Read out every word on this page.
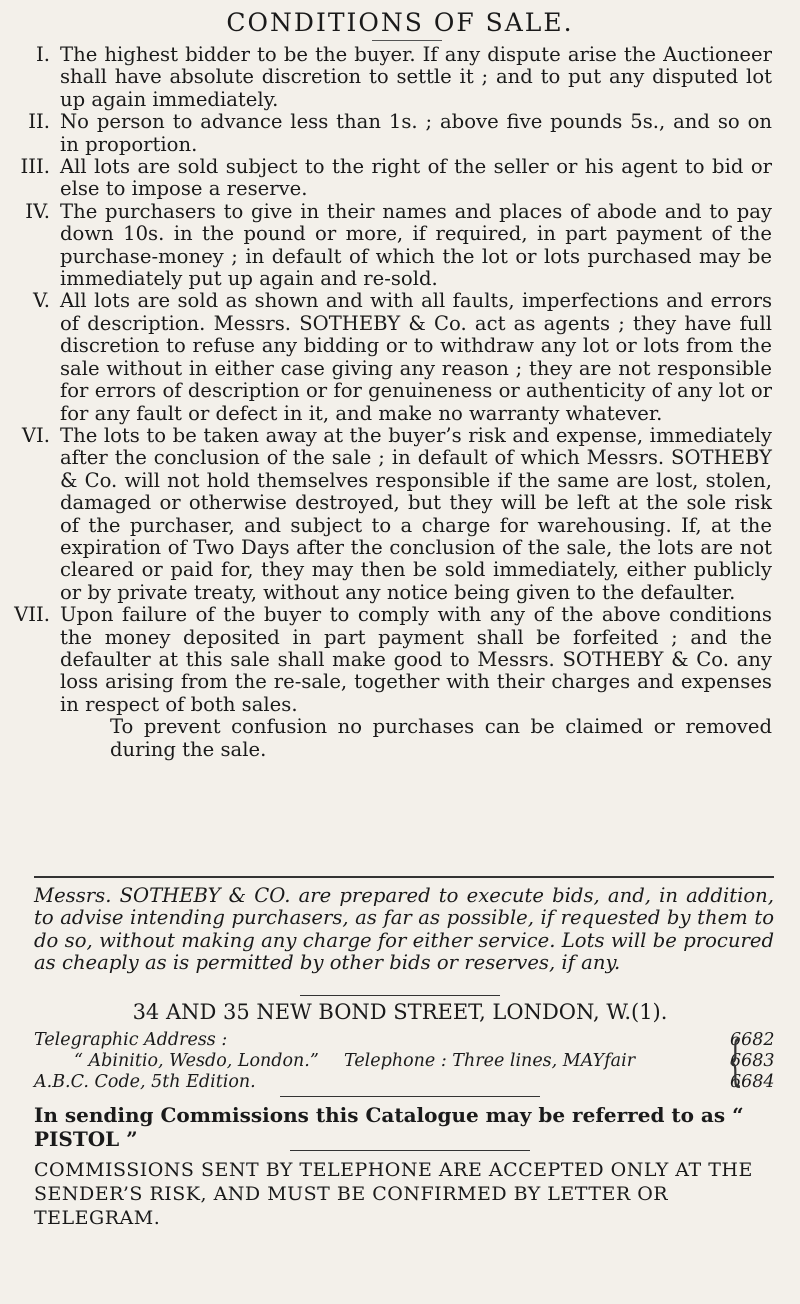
CONDITIONS OF SALE.
I. The highest bidder to be the buyer. If any dispute arise the Auctioneer shall have absolute discretion to settle it ; and to put any disputed lot up again immediately.
II. No person to advance less than 1s. ; above five pounds 5s., and so on in proportion.
III. All lots are sold subject to the right of the seller or his agent to bid or else to impose a reserve.
IV. The purchasers to give in their names and places of abode and to pay down 10s. in the pound or more, if required, in part payment of the purchase-money ; in default of which the lot or lots purchased may be immediately put up again and re-sold.
V. All lots are sold as shown and with all faults, imperfections and errors of description. Messrs. SOTHEBY & Co. act as agents ; they have full discretion to refuse any bidding or to withdraw any lot or lots from the sale without in either case giving any reason ; they are not responsible for errors of description or for genuineness or authenticity of any lot or for any fault or defect in it, and make no warranty whatever.
VI. The lots to be taken away at the buyer’s risk and expense, immediately after the conclusion of the sale ; in default of which Messrs. SOTHEBY & Co. will not hold themselves responsible if the same are lost, stolen, damaged or otherwise destroyed, but they will be left at the sole risk of the purchaser, and subject to a charge for warehousing. If, at the expiration of Two Days after the conclusion of the sale, the lots are not cleared or paid for, they may then be sold immediately, either publicly or by private treaty, without any notice being given to the defaulter.
VII. Upon failure of the buyer to comply with any of the above conditions the money deposited in part payment shall be forfeited ; and the defaulter at this sale shall make good to Messrs. SOTHEBY & Co. any loss arising from the re-sale, together with their charges and expenses in respect of both sales.
To prevent confusion no purchases can be claimed or removed during the sale.
Messrs. SOTHEBY & CO. are prepared to execute bids, and, in addition, to advise intending purchasers, as far as possible, if requested by them to do so, without making any charge for either service. Lots will be procured as cheaply as is permitted by other bids or reserves, if any.
34 AND 35 NEW BOND STREET, LONDON, W.(1).
Telegraphic Address :	6682
“ Abinitio, Wesdo, London.” Telephone : Three lines, MAYfair	6683
A.B.C. Code, 5th Edition.	6684
{
In sending Commissions this Catalogue may be referred to as “ PISTOL ”
COMMISSIONS SENT BY TELEPHONE ARE ACCEPTED ONLY AT THE SENDER’S RISK, AND MUST BE CONFIRMED BY LETTER OR TELEGRAM.
